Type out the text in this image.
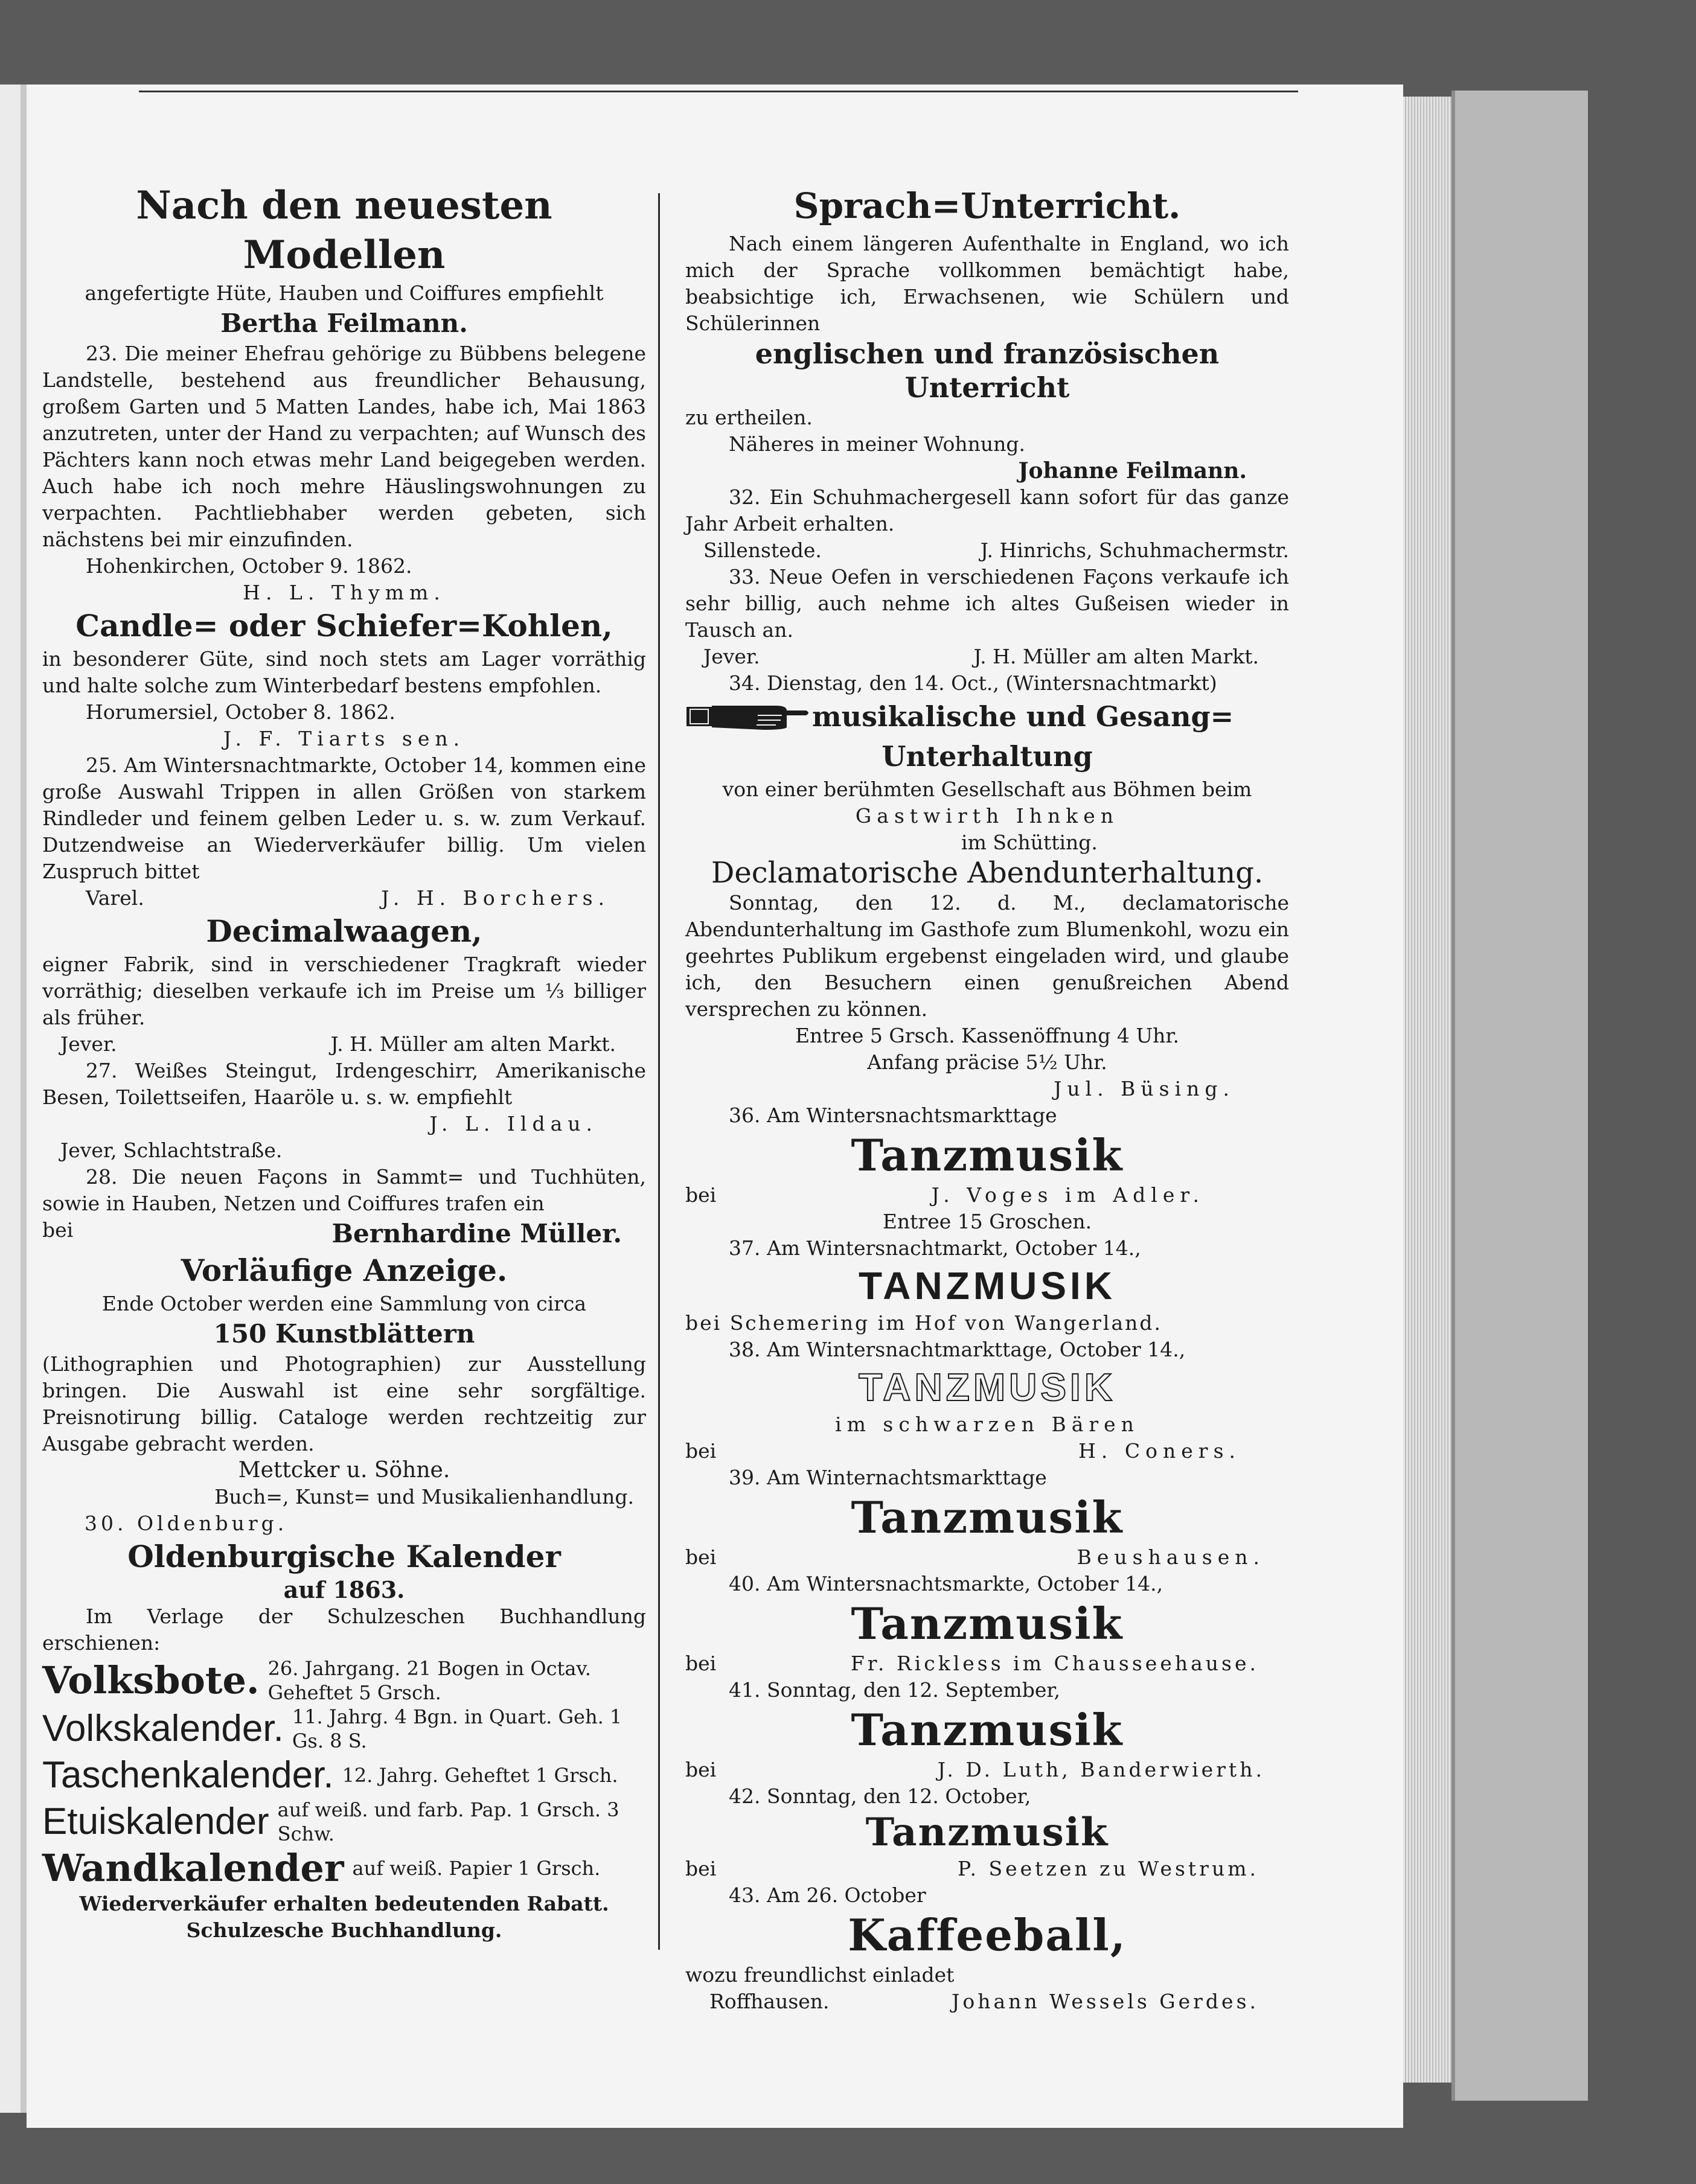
Nach den neuesten Modellen

angefertigte Hüte, Hauben und Coiffures empfiehlt

Bertha Feilmann.

23. Die meiner Ehefrau gehörige zu Bübbens belegene Landstelle, bestehend aus freundlicher Behausung, großem Garten und 5 Matten Landes, habe ich, Mai 1863 anzutreten, unter der Hand zu verpachten; auf Wunsch des Pächters kann noch etwas mehr Land beigegeben werden. Auch habe ich noch mehre Häuslingswohnungen zu verpachten. Pachtliebhaber werden gebeten, sich nächstens bei mir einzufinden.

Hohenkirchen, October 9. 1862.

H. L. Thymm.

Candle= oder Schiefer=Kohlen,

in besonderer Güte, sind noch stets am Lager vorräthig und halte solche zum Winterbedarf bestens empfohlen.

Horumersiel, October 8. 1862.

J. F. Tiarts sen.

25. Am Wintersnachtmarkte, October 14, kommen eine große Auswahl Trippen in allen Größen von starkem Rindleder und feinem gelben Leder u. s. w. zum Verkauf. Dutzendweise an Wiederverkäufer billig. Um vielen Zuspruch bittet

Varel.	J. H. Borchers.

Decimalwaagen,

eigner Fabrik, sind in verschiedener Tragkraft wieder vorräthig; dieselben verkaufe ich im Preise um ⅓ billiger als früher.

Jever.	J. H. Müller am alten Markt.

27. Weißes Steingut, Irdengeschirr, Amerikanische Besen, Toilettseifen, Haaröle u. s. w. empfiehlt

J. L. Ildau.

Jever, Schlachtstraße.

28. Die neuen Façons in Sammt= und Tuchhüten, sowie in Hauben, Netzen und Coiffures trafen ein

bei	Bernhardine Müller.

Vorläufige Anzeige.

Ende October werden eine Sammlung von circa

150 Kunstblättern

(Lithographien und Photographien) zur Ausstellung bringen. Die Auswahl ist eine sehr sorgfältige. Preisnotirung billig. Cataloge werden rechtzeitig zur Ausgabe gebracht werden.

Mettcker u. Söhne.

Buch=, Kunst= und Musikalienhandlung.

30. Oldenburg.

Oldenburgische Kalender

auf 1863.

Im Verlage der Schulzeschen Buchhandlung erschienen:

Volksbote. 26. Jahrgang. 21 Bogen in Octav. Geheftet 5 Grsch.
Volkskalender. 11. Jahrg. 4 Bgn. in Quart. Geh. 1 Gs. 8 S.
Taschenkalender. 12. Jahrg. Geheftet 1 Grsch.
Etuiskalender auf weiß. und farb. Pap. 1 Grsch. 3 Schw.
Wandkalender auf weiß. Papier 1 Grsch.

Wiederverkäufer erhalten bedeutenden Rabatt.

Schulzesche Buchhandlung.

Sprach=Unterricht.

Nach einem längeren Aufenthalte in England, wo ich mich der Sprache vollkommen bemächtigt habe, beabsichtige ich, Erwachsenen, wie Schülern und Schülerinnen

englischen und französischen Unterricht

zu ertheilen.

Näheres in meiner Wohnung.

Johanne Feilmann.

32. Ein Schuhmachergesell kann sofort für das ganze Jahr Arbeit erhalten.

Sillenstede.	J. Hinrichs, Schuhmachermstr.

33. Neue Oefen in verschiedenen Façons verkaufe ich sehr billig, auch nehme ich altes Gußeisen wieder in Tausch an.

Jever.	J. H. Müller am alten Markt.

34. Dienstag, den 14. Oct., (Wintersnachtmarkt)

musikalische und Gesang=

Unterhaltung

von einer berühmten Gesellschaft aus Böhmen beim

Gastwirth Ihnken

im Schütting.

Declamatorische Abendunterhaltung.

Sonntag, den 12. d. M., declamatorische Abendunterhaltung im Gasthofe zum Blumenkohl, wozu ein geehrtes Publikum ergebenst eingeladen wird, und glaube ich, den Besuchern einen genußreichen Abend versprechen zu können.

Entree 5 Grsch. Kassenöffnung 4 Uhr.

Anfang präcise 5½ Uhr.

Jul. Büsing.

36. Am Wintersnachtsmarkttage

Tanzmusik

bei	J. Voges im Adler.

Entree 15 Groschen.

37. Am Wintersnachtmarkt, October 14.,

TANZMUSIK

bei Schemering im Hof von Wangerland.

38. Am Wintersnachtmarkttage, October 14.,

TANZMUSIK

im schwarzen Bären

bei	H. Coners.

39. Am Winternachtsmarkttage

Tanzmusik

bei	Beushausen.

40. Am Wintersnachtsmarkte, October 14.,

Tanzmusik

bei	Fr. Rickless im Chausseehause.

41. Sonntag, den 12. September,

Tanzmusik

bei	J. D. Luth, Banderwierth.

42. Sonntag, den 12. October,

Tanzmusik

bei	P. Seetzen zu Westrum.

43. Am 26. October

Kaffeeball,

wozu freundlichst einladet

Roffhausen.	Johann Wessels Gerdes.
